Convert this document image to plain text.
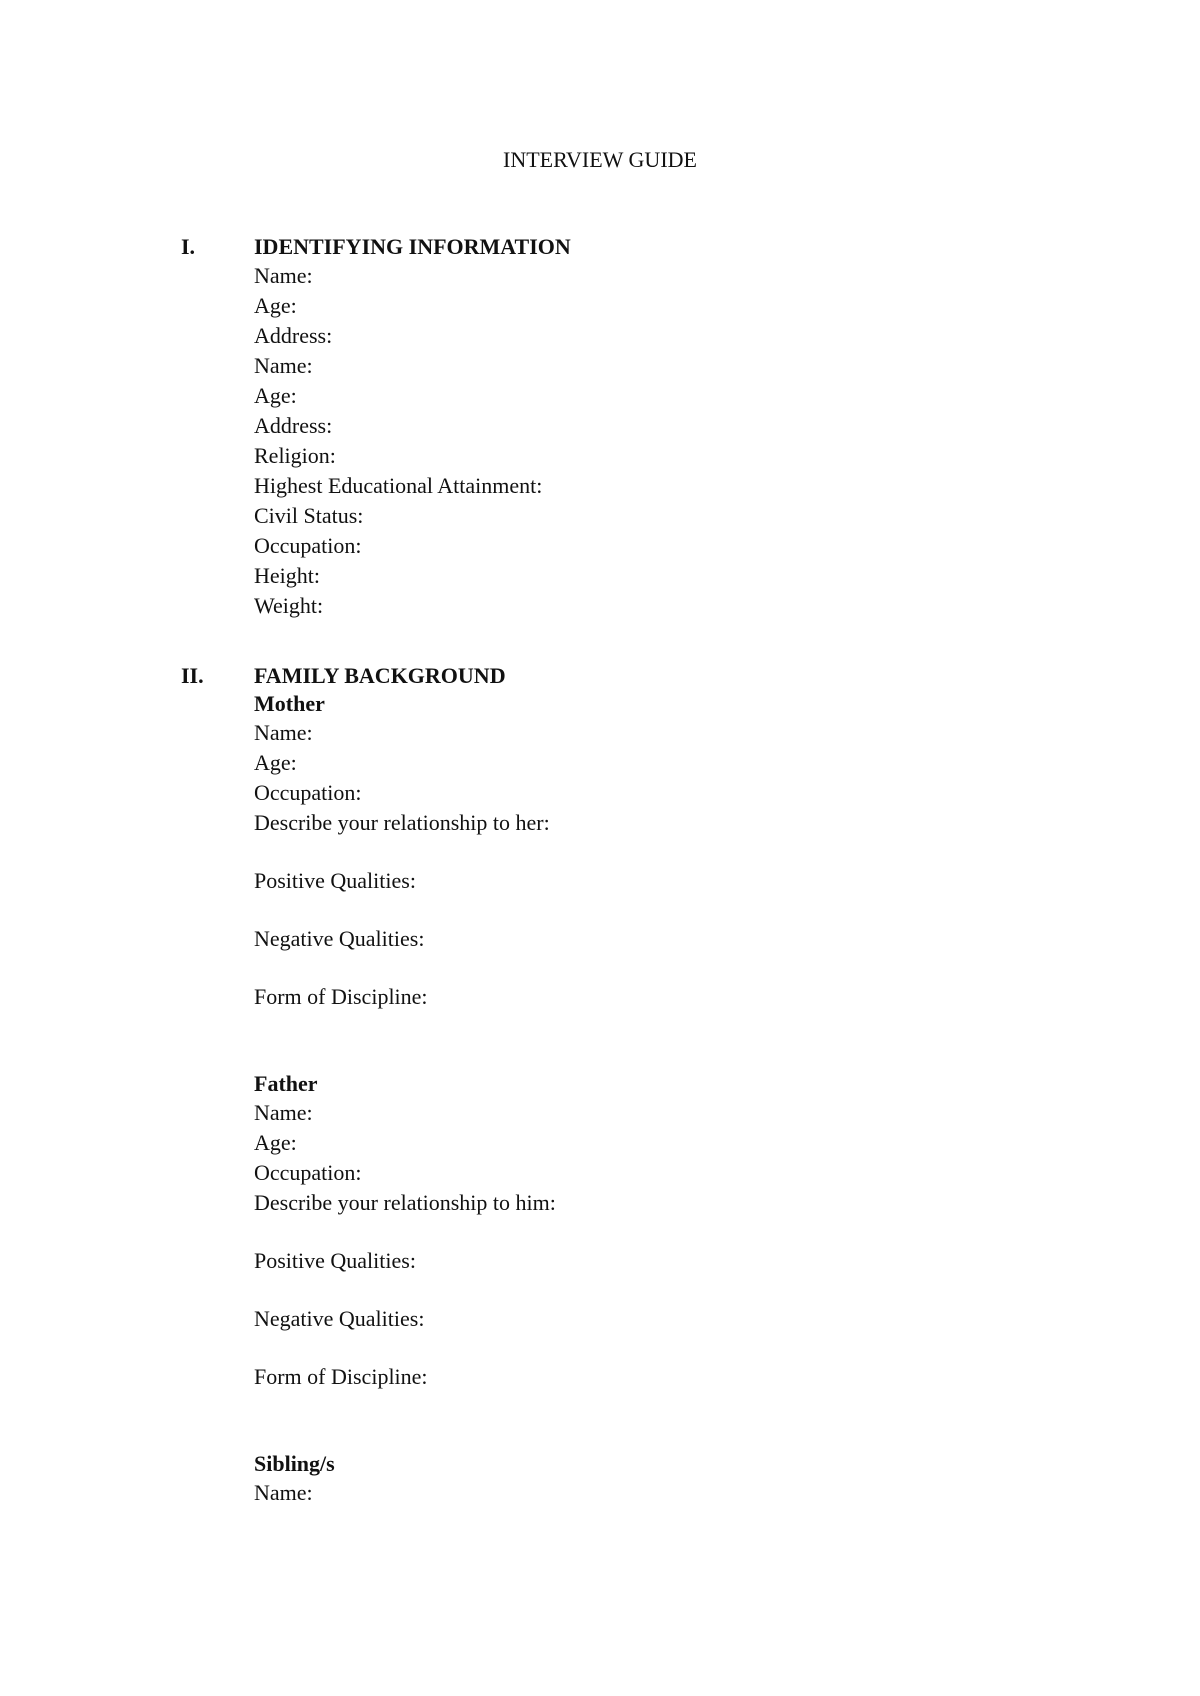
INTERVIEW GUIDE
I.	IDENTIFYING INFORMATION
Name:
Age:
Address:
Name:
Age:
Address:
Religion:
Highest Educational Attainment:
Civil Status:
Occupation:
Height:
Weight:
II. FAMILY BACKGROUND
Mother
Name:
Age:
Occupation:
Describe your relationship to her:
Positive Qualities:
Negative Qualities:
Form of Discipline:
Father
Name:
Age:
Occupation:
Describe your relationship to him:
Positive Qualities:
Negative Qualities:
Form of Discipline:
Sibling/s
Name:
